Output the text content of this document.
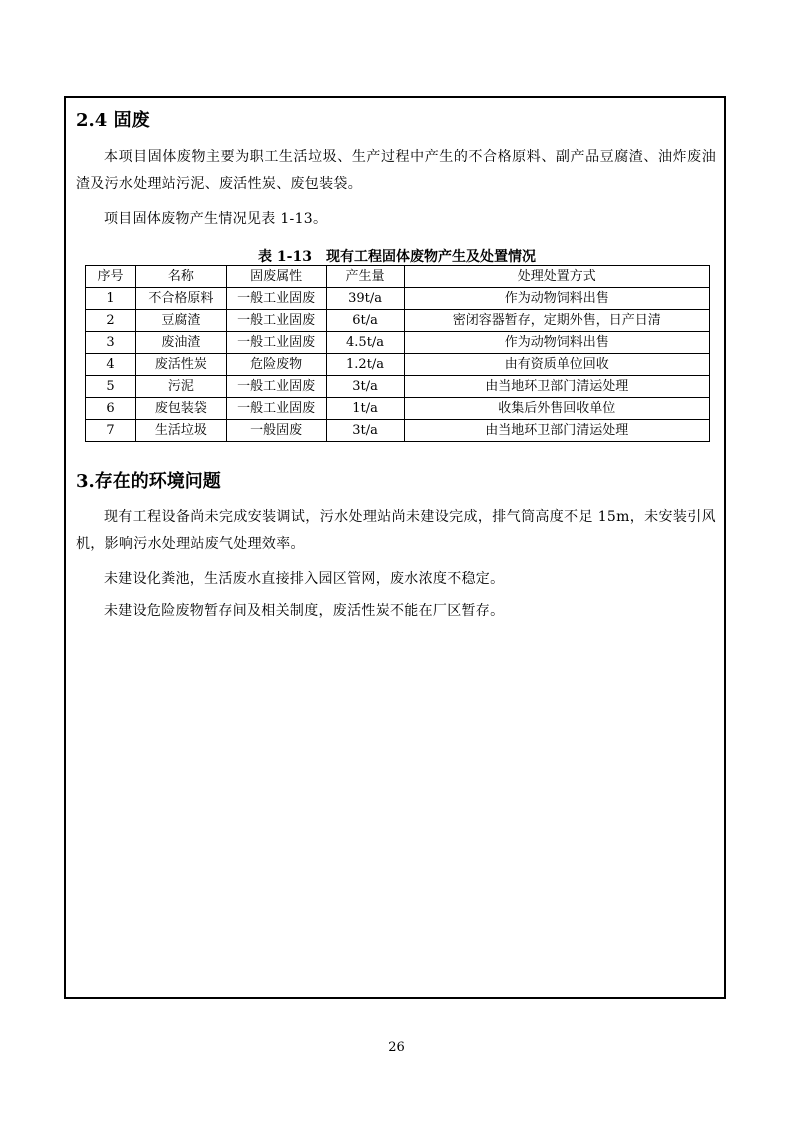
2.4 固废

本项目固体废物主要为职工生活垃圾、生产过程中产生的不合格原料、副产品豆腐渣、油炸废油渣及污水处理站污泥、废活性炭、废包装袋。

项目固体废物产生情况见表 1-13。

表 1-13　现有工程固体废物产生及处置情况
序号	名称	固废属性	产生量	处理处置方式
1	不合格原料	一般工业固废	39t/a	作为动物饲料出售
2	豆腐渣	一般工业固废	6t/a	密闭容器暂存，定期外售，日产日清
3	废油渣	一般工业固废	4.5t/a	作为动物饲料出售
4	废活性炭	危险废物	1.2t/a	由有资质单位回收
5	污泥	一般工业固废	3t/a	由当地环卫部门清运处理
6	废包装袋	一般工业固废	1t/a	收集后外售回收单位
7	生活垃圾	一般固废	3t/a	由当地环卫部门清运处理
3.存在的环境问题

现有工程设备尚未完成安装调试，污水处理站尚未建设完成，排气筒高度不足 15m，未安装引风机，影响污水处理站废气处理效率。

未建设化粪池，生活废水直接排入园区管网，废水浓度不稳定。

未建设危险废物暂存间及相关制度，废活性炭不能在厂区暂存。

26
